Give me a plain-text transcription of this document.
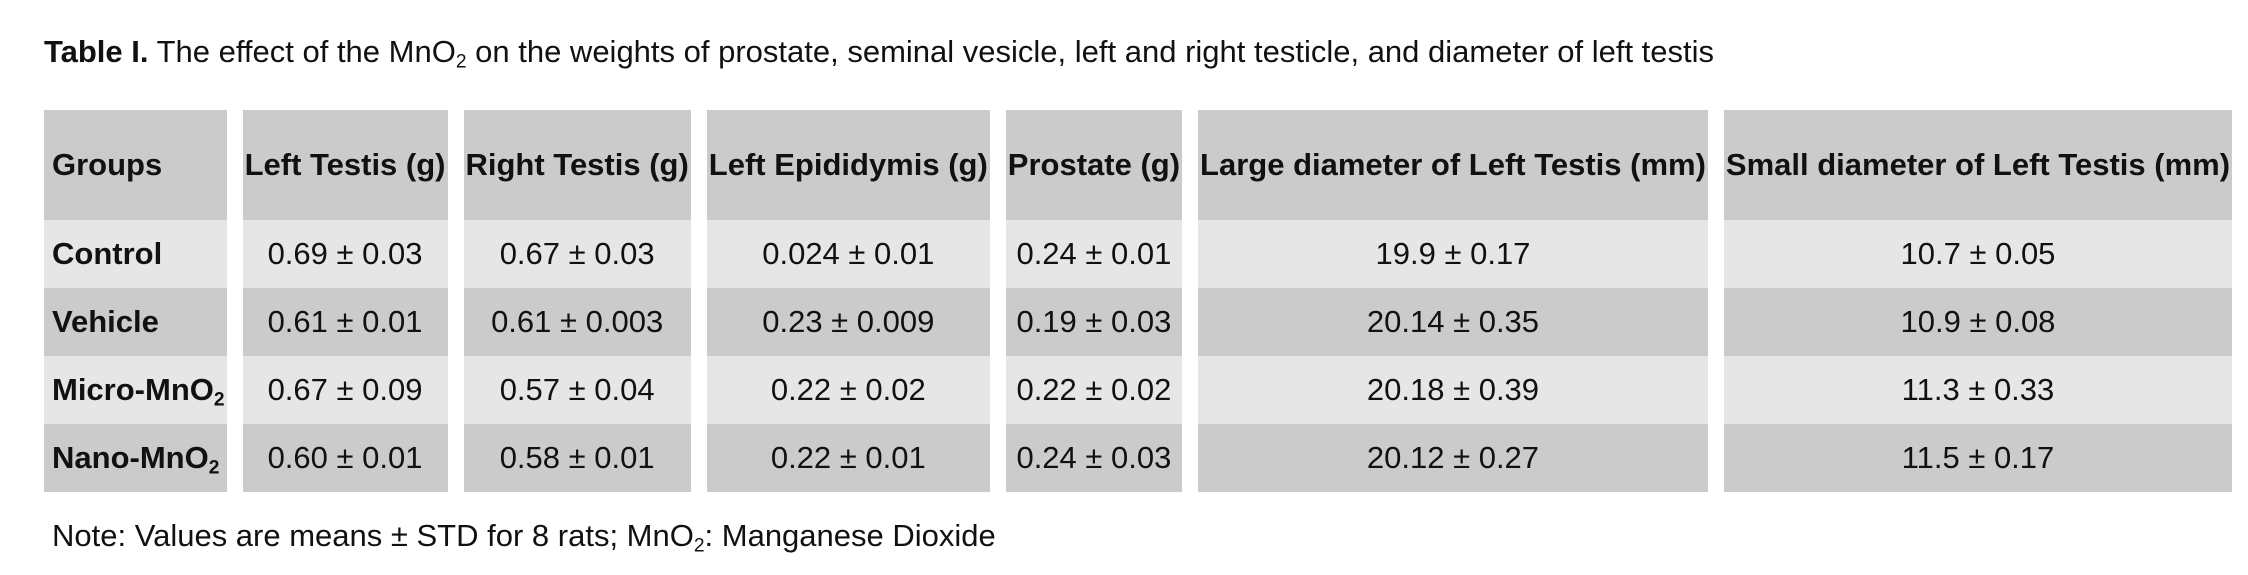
Table I. The effect of the MnO$_2$ on the weights of prostate, seminal vesicle, left and right testicle, and diameter of left testis
Groups	Left Testis (g)	Right Testis (g)	Left Epididymis (g)	Prostate (g)	Large diameter of Left Testis (mm)	Small diameter of Left Testis (mm)
Control	0.69 ± 0.03	0.67 ± 0.03	0.024 ± 0.01	0.24 ± 0.01	19.9 ± 0.17	10.7 ± 0.05
Vehicle	0.61 ± 0.01	0.61 ± 0.003	0.23 ± 0.009	0.19 ± 0.03	20.14 ± 0.35	10.9 ± 0.08
Micro-MnO$_2$	0.67 ± 0.09	0.57 ± 0.04	0.22 ± 0.02	0.22 ± 0.02	20.18 ± 0.39	11.3 ± 0.33
Nano-MnO$_2$	0.60 ± 0.01	0.58 ± 0.01	0.22 ± 0.01	0.24 ± 0.03	20.12 ± 0.27	11.5 ± 0.17
Note: Values are means ± STD for 8 rats; MnO$_2$: Manganese Dioxide
